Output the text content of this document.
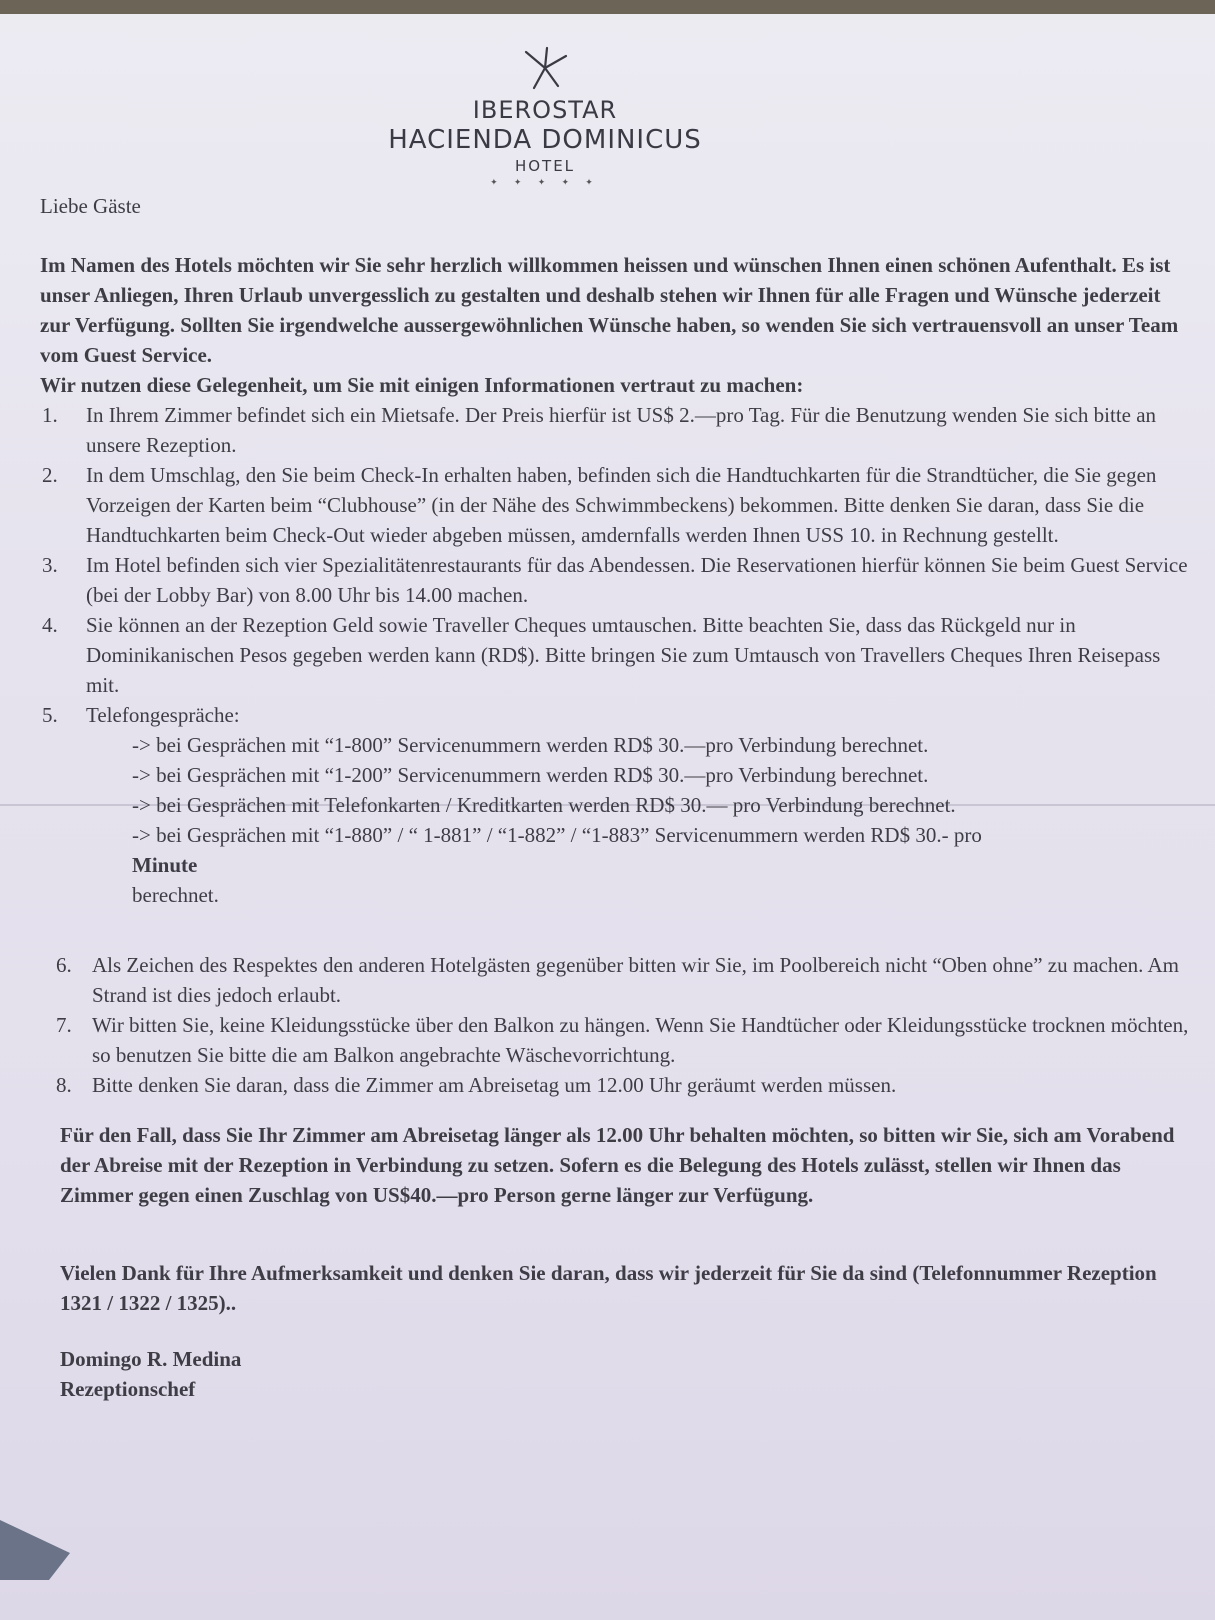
IBEROSTAR
HACIENDA DOMINICUS
HOTEL
✦ ✦ ✦ ✦ ✦

Liebe Gäste

Im Namen des Hotels möchten wir Sie sehr herzlich willkommen heissen und wünschen Ihnen einen schönen Aufenthalt. Es ist unser Anliegen, Ihren Urlaub unvergesslich zu gestalten und deshalb stehen wir Ihnen für alle Fragen und Wünsche jederzeit zur Verfügung. Sollten Sie irgendwelche aussergewöhnlichen Wünsche haben, so wenden Sie sich vertrauensvoll an unser Team vom Guest Service.

Wir nutzen diese Gelegenheit, um Sie mit einigen Informationen vertraut zu machen:

1. In Ihrem Zimmer befindet sich ein Mietsafe. Der Preis hierfür ist US$ 2.—pro Tag. Für die Benutzung wenden Sie sich bitte an unsere Rezeption.
2. In dem Umschlag, den Sie beim Check-In erhalten haben, befinden sich die Handtuchkarten für die Strandtücher, die Sie gegen Vorzeigen der Karten beim “Clubhouse” (in der Nähe des Schwimmbeckens) bekommen. Bitte denken Sie daran, dass Sie die Handtuchkarten beim Check-Out wieder abgeben müssen, amdernfalls werden Ihnen USS 10. in Rechnung gestellt.
3. Im Hotel befinden sich vier Spezialitätenrestaurants für das Abendessen. Die Reservationen hierfür können Sie beim Guest Service (bei der Lobby Bar) von 8.00 Uhr bis 14.00 machen.
4. Sie können an der Rezeption Geld sowie Traveller Cheques umtauschen. Bitte beachten Sie, dass das Rückgeld nur in Dominikanischen Pesos gegeben werden kann (RD$). Bitte bringen Sie zum Umtausch von Travellers Cheques Ihren Reisepass mit.
5. Telefongespräche:
-> bei Gesprächen mit “1-800” Servicenummern werden RD$ 30.—pro Verbindung berechnet.
-> bei Gesprächen mit “1-200” Servicenummern werden RD$ 30.—pro Verbindung berechnet.
-> bei Gesprächen mit Telefonkarten / Kreditkarten werden RD$ 30.— pro Verbindung berechnet.
-> bei Gesprächen mit “1-880” / “ 1-881” / “1-882” / “1-883” Servicenummern werden RD$ 30.- pro
Minute
berechnet.
6. Als Zeichen des Respektes den anderen Hotelgästen gegenüber bitten wir Sie, im Poolbereich nicht “Oben ohne” zu machen. Am Strand ist dies jedoch erlaubt.
7. Wir bitten Sie, keine Kleidungsstücke über den Balkon zu hängen. Wenn Sie Handtücher oder Kleidungsstücke trocknen möchten, so benutzen Sie bitte die am Balkon angebrachte Wäschevorrichtung.
8. Bitte denken Sie daran, dass die Zimmer am Abreisetag um 12.00 Uhr geräumt werden müssen.

Für den Fall, dass Sie Ihr Zimmer am Abreisetag länger als 12.00 Uhr behalten möchten, so bitten wir Sie, sich am Vorabend der Abreise mit der Rezeption in Verbindung zu setzen. Sofern es die Belegung des Hotels zulässt, stellen wir Ihnen das Zimmer gegen einen Zuschlag von US$40.—pro Person gerne länger zur Verfügung.

Vielen Dank für Ihre Aufmerksamkeit und denken Sie daran, dass wir jederzeit für Sie da sind (Telefonnummer Rezeption 1321 / 1322 / 1325)..

Domingo R. Medina
Rezeptionschef
